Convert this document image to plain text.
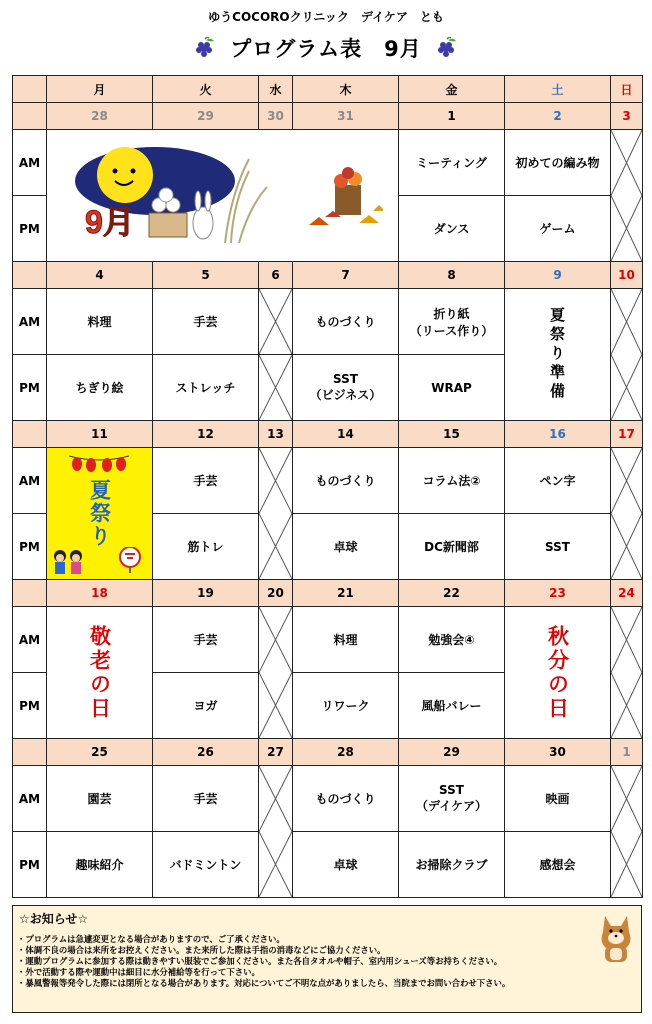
ゆうCOCOROクリニック　デイケア　とも
プログラム表　9月
	月	火	水	木	金	土	日
	28	29	30	31	1	2	3
AM	9月				ミーティング	初めての編み物	

PM					ダンス	ゲーム	
	4	5	6	7	8	9	10
AM	料理	手芸		ものづくり	折り紙
（リース作り）	夏祭り準備

PM	ちぎり絵	ストレッチ		SST
（ビジネス）	WRAP		
	11	12	13	14	15	16	17
AM	夏祭り	手芸		ものづくり	コラム法②	ペン字	

PM		筋トレ		卓球	DC新聞部	SST	
	18	19	20	21	22	23	24
AM	敬老の日	手芸		料理	勉強会④	秋分の日

PM		ヨガ		リワーク	風船バレー		
	25	26	27	28	29	30	1
AM	園芸	手芸		ものづくり	SST
（デイケア）	映画	

PM	趣味紹介	バドミントン		卓球	お掃除クラブ	感想会	
☆お知らせ☆
・プログラムは急遽変更となる場合がありますので、ご了承ください。
・体調不良の場合は来所をお控えください。また来所した際は手指の消毒などにご協力ください。
・運動プログラムに参加する際は動きやすい服装でご参加ください。また各自タオルや帽子、室内用シューズ等お持ちください。
・外で活動する際や運動中は細目に水分補給等を行って下さい。
・暴風警報等発令した際には閉所となる場合があります。対応についてご不明な点がありましたら、当院までお問い合わせ下さい。
